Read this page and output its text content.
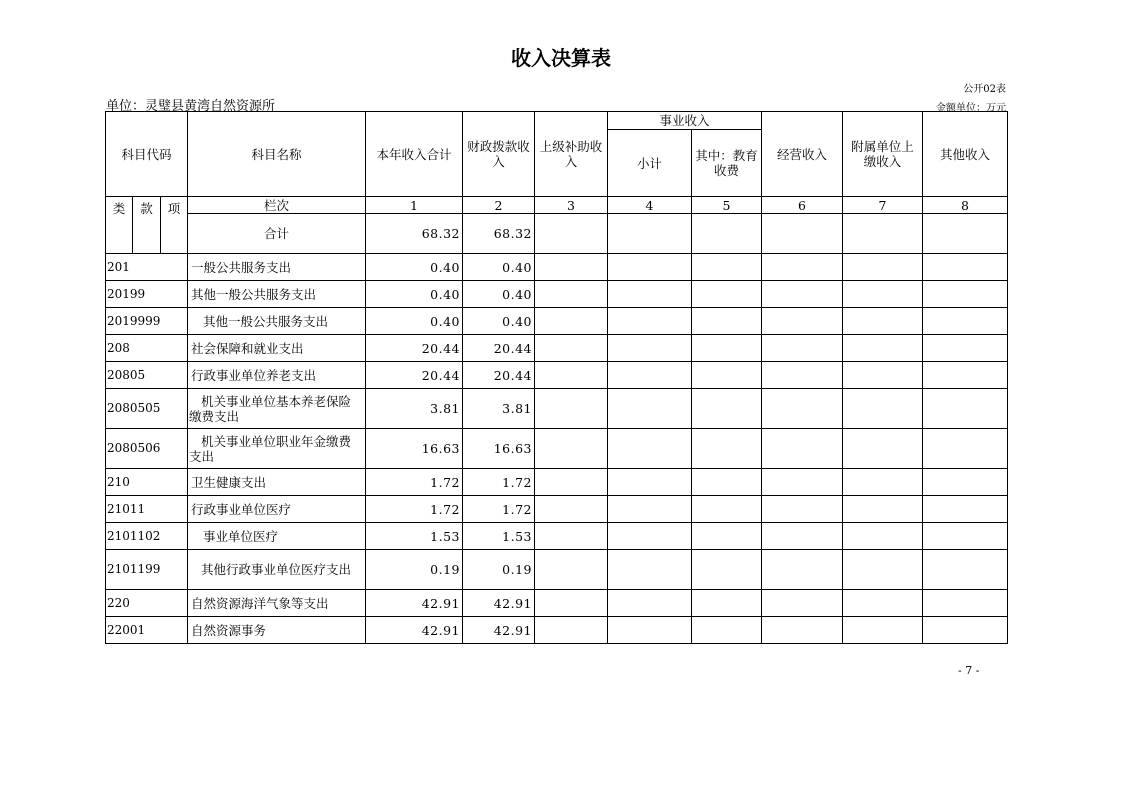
收入决算表
公开02表
单位：灵璧县黄湾自然资源所	金额单位：万元
科目代码			科目名称	本年收入合计	财政拨款收入	上级补助收入	事业收入		经营收入	附属单位上缴收入	其他收入
							小计	其中：教育收费			
类	款	项	栏次	1	2	3	4	5	6	7	8
			合计	68.32	68.32						
201			一般公共服务支出	0.40	0.40						
20199			其他一般公共服务支出	0.40	0.40						
2019999			其他一般公共服务支出	0.40	0.40						
208			社会保障和就业支出	20.44	20.44						
20805			行政事业单位养老支出	20.44	20.44						
2080505			机关事业单位基本养老保险缴费支出	3.81	3.81						
2080506			机关事业单位职业年金缴费支出	16.63	16.63						
210			卫生健康支出	1.72	1.72						
21011			行政事业单位医疗	1.72	1.72						
2101102			事业单位医疗	1.53	1.53						
2101199			其他行政事业单位医疗支出	0.19	0.19						
220			自然资源海洋气象等支出	42.91	42.91						
22001			自然资源事务	42.91	42.91						
- 7 -
